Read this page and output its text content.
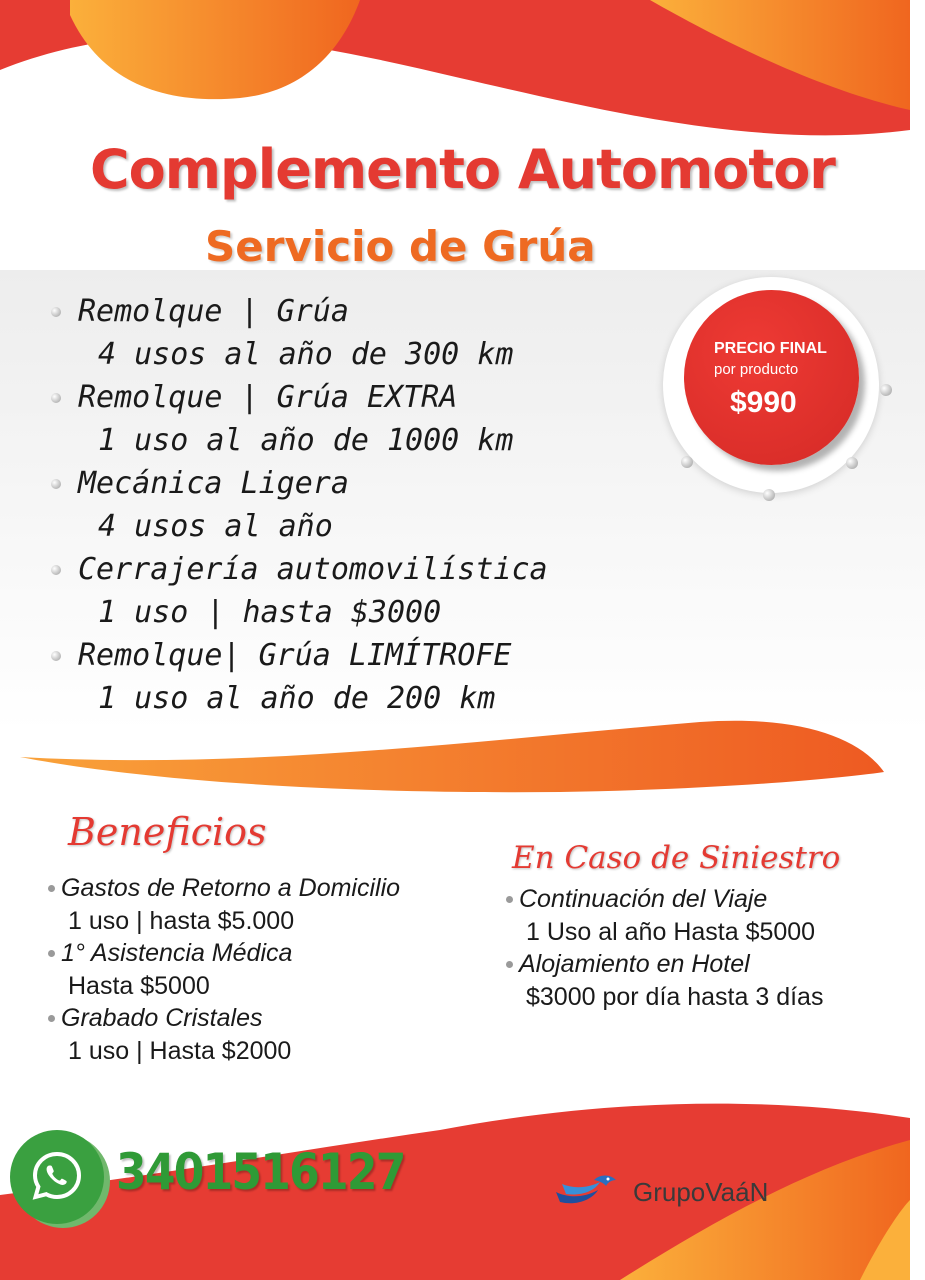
Complemento Automotor
Servicio de Grúa
Remolque | Grúa
4 usos al año de 300 km
Remolque | Grúa EXTRA
1 uso al año de 1000 km
Mecánica Ligera
4 usos al año
Cerrajería automovilística
1 uso | hasta $3000
Remolque| Grúa LIMÍTROFE
1 uso al año de 200 km
PRECIO FINAL
por producto
$990
Beneficios
Gastos de Retorno a Domicilio
1 uso | hasta $5.000
1° Asistencia Médica
Hasta $5000
Grabado Cristales
1 uso | Hasta $2000
En Caso de Siniestro
Continuación del Viaje
1 Uso al año Hasta $5000
Alojamiento en Hotel
$3000 por día hasta 3 días
3401516127	GrupoVaáN
